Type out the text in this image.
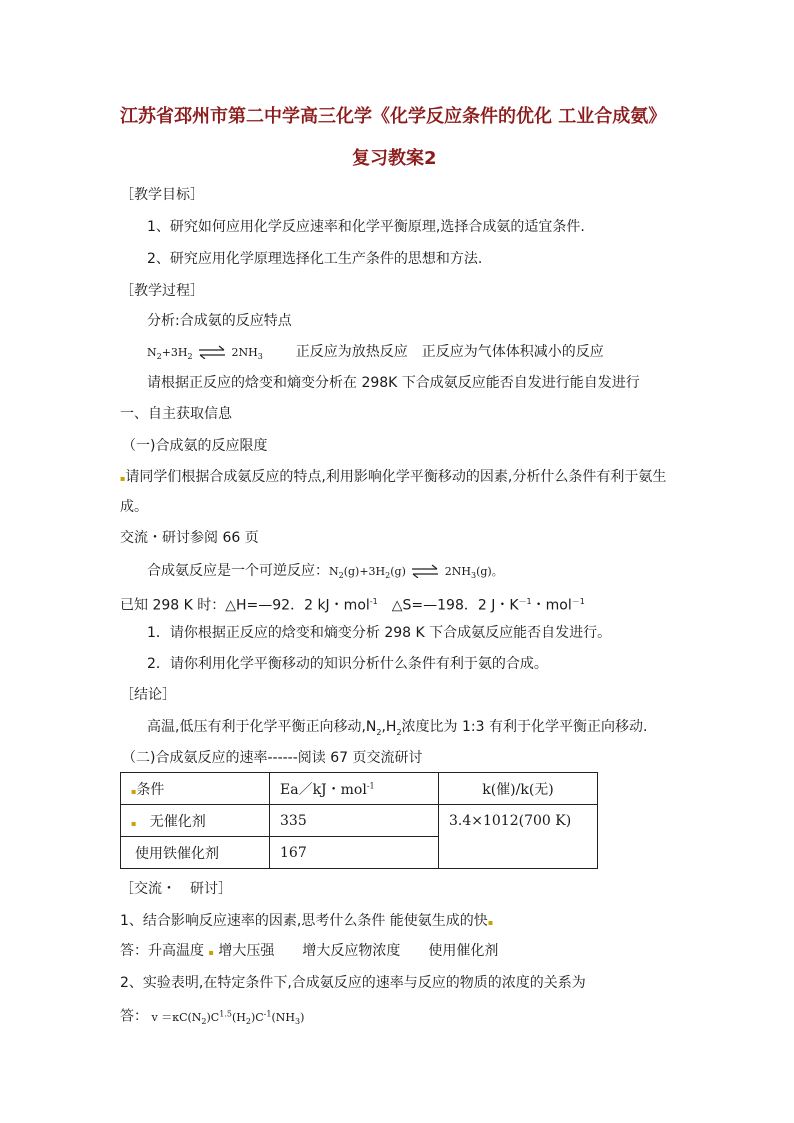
江苏省邳州市第二中学高三化学《化学反应条件的优化 工业合成氨》
复习教案2
［教学目标］
1、研究如何应用化学反应速率和化学平衡原理,选择合成氨的适宜条件.
2、研究应用化学原理选择化工生产条件的思想和方法.
［教学过程］
分析:合成氨的反应特点
$N_2+3H_2$ ⇌ $2NH_3$ 正反应为放热反应　正反应为气体体积减小的反应
请根据正反应的焓变和熵变分析在 298K 下合成氨反应能否自发进行能自发进行
一、自主获取信息
（一)合成氨的反应限度
▪请同学们根据合成氨反应的特点,利用影响化学平衡移动的因素,分析什么条件有利于氨生
成。
交流・研讨参阅 66 页
合成氨反应是一个可逆反应：$N_2(g)+3H_2(g)$ ⇌ $2NH_3(g)$。
已知 298 K 时：△H=—92．2 kJ・mol$^{-1}$　△S=—198．2 J・$K^{-1}$・mol$^{-1}$
1．请你根据正反应的焓变和熵变分析 298 K 下合成氨反应能否自发进行。
2．请你利用化学平衡移动的知识分析什么条件有利于氨的合成。
［结论］
高温,低压有利于化学平衡正向移动$,N_2,H_2$浓度比为 1:3 有利于化学平衡正向移动.
（二)合成氨反应的速率------阅读 67 页交流研讨
▪条件	Ea／kJ・mol$^{-1}$	k(催)/k(无)
▪ 无催化剂	335	3.4×1012(700 K)
使用铁催化剂	167	
［交流・　研讨］
1、结合影响反应速率的因素,思考什么条件 能使氨生成的快▪
答：升高温度 ▪ 增大压强　　增大反应物浓度　　使用催化剂
2、实验表明,在特定条件下,合成氨反应的速率与反应的物质的浓度的关系为
答： $v =\kappa C(N_2)C^{1.5}(H_2)C^{-1}(NH_3)$
